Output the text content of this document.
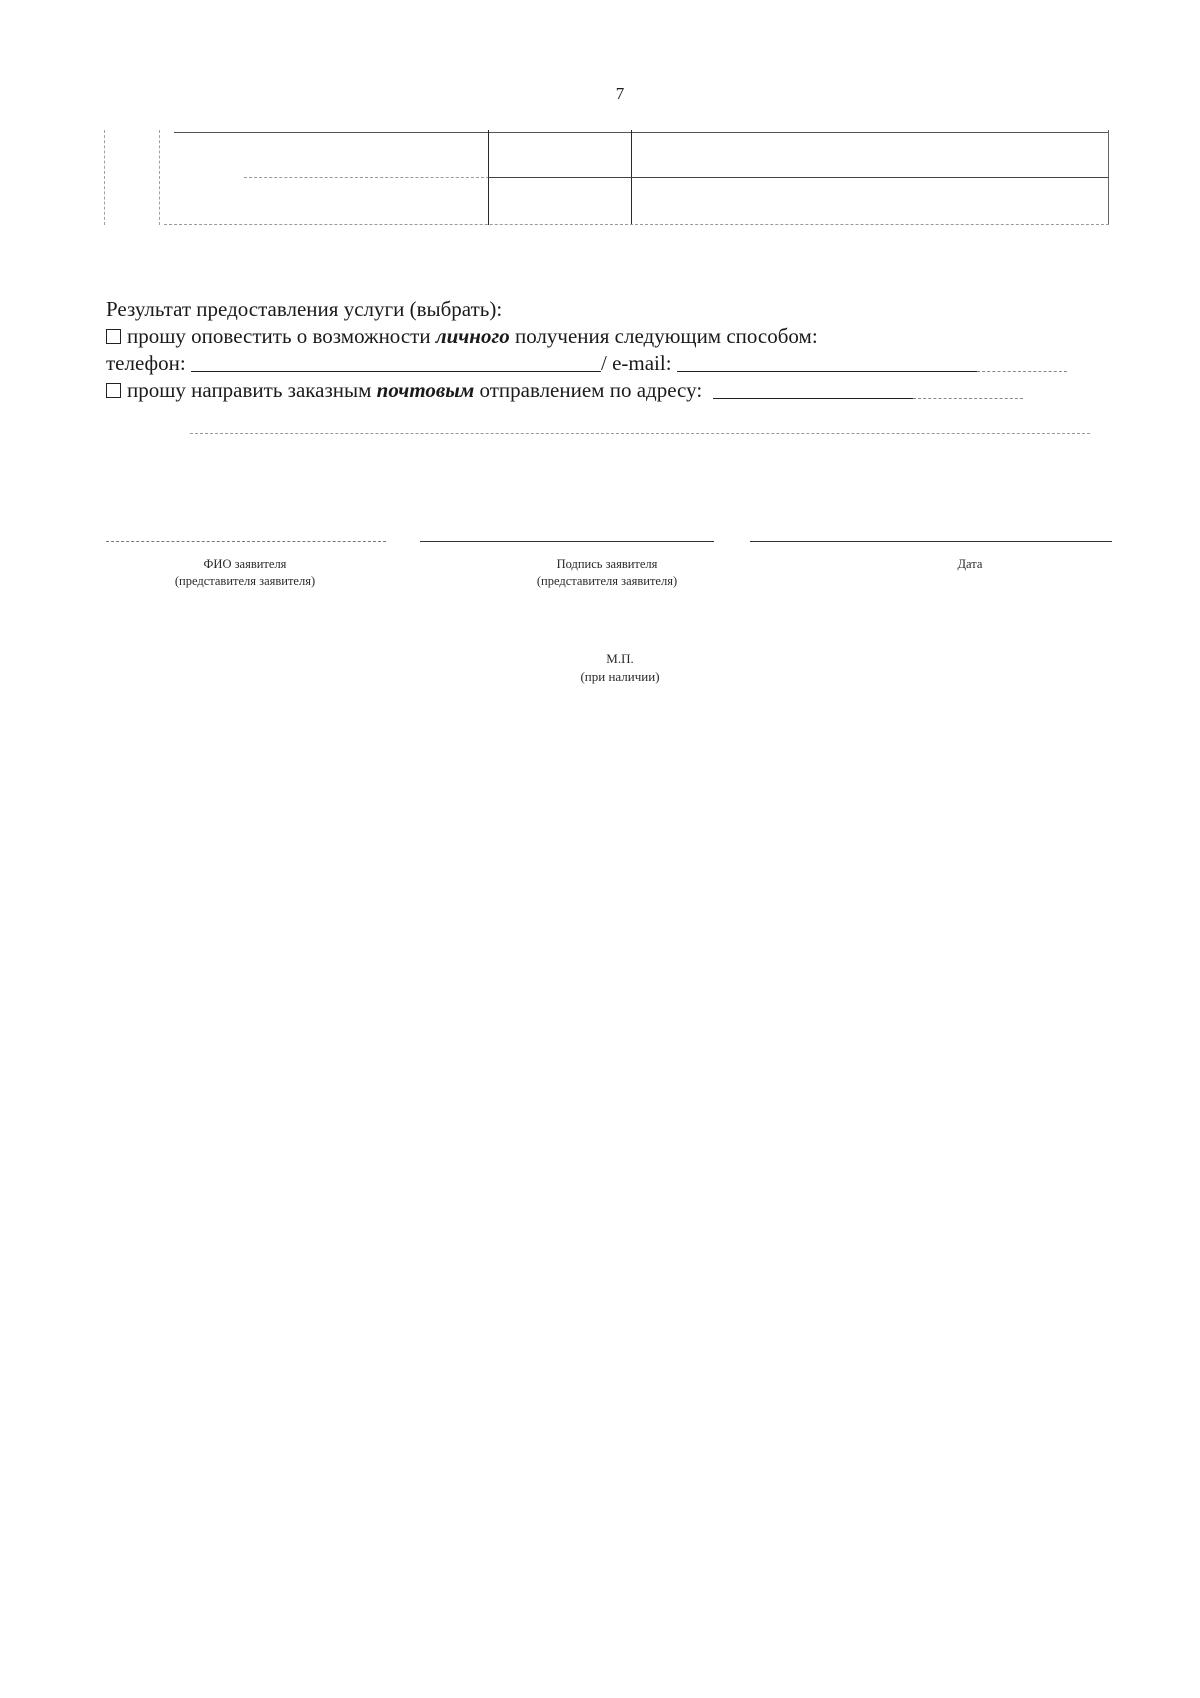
7
Результат предоставления услуги (выбрать):
прошу оповестить о возможности личного получения следующим способом:
телефон:	/ e-mail:
прошу направить заказным почтовым отправлением по адресу:
ФИО заявителя
(представителя заявителя)
Подпись заявителя
(представителя заявителя)
Дата
М.П.
(при наличии)
